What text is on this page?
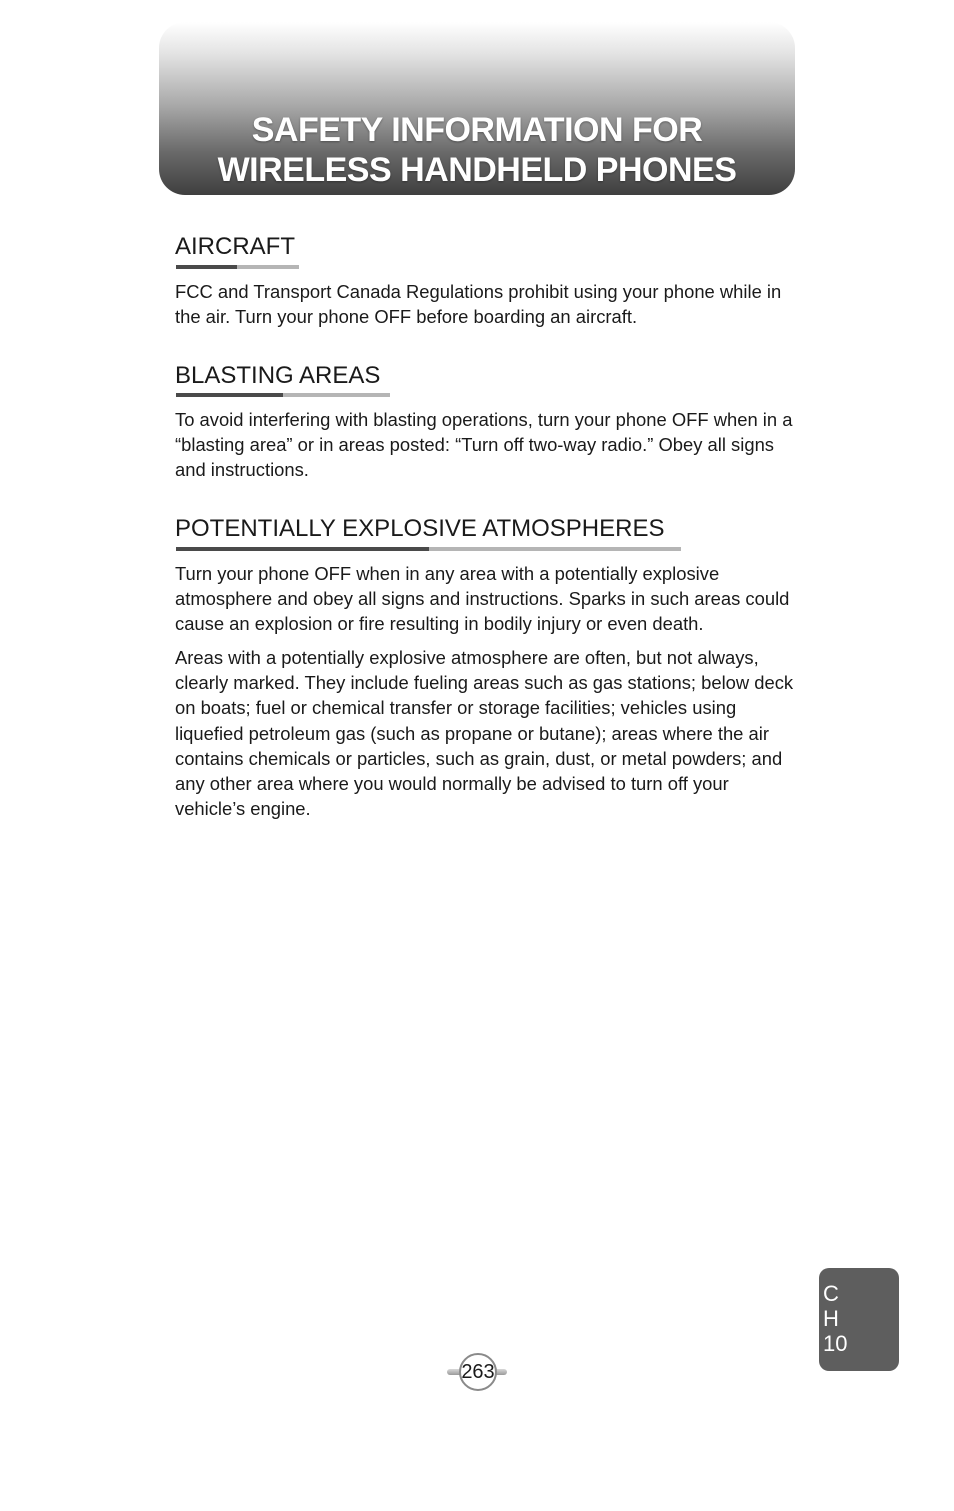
SAFETY INFORMATION FOR
WIRELESS HANDHELD PHONES
AIRCRAFT

FCC and Transport Canada Regulations prohibit using your phone while in the air. Turn your phone OFF before boarding an aircraft.

BLASTING AREAS

To avoid interfering with blasting operations, turn your phone OFF when in a “blasting area” or in areas posted: “Turn off two-way radio.” Obey all signs and instructions.

POTENTIALLY EXPLOSIVE ATMOSPHERES

Turn your phone OFF when in any area with a potentially explosive atmosphere and obey all signs and instructions. Sparks in such areas could cause an explosion or fire resulting in bodily injury or even death.

Areas with a potentially explosive atmosphere are often, but not always, clearly marked. They include fueling areas such as gas stations; below deck on boats; fuel or chemical transfer or storage facilities; vehicles using liquefied petroleum gas (such as propane or butane); areas where the air contains chemicals or particles, such as grain, dust, or metal powders; and any other area where you would normally be advised to turn off your vehicle’s engine.

C
H
10
263
